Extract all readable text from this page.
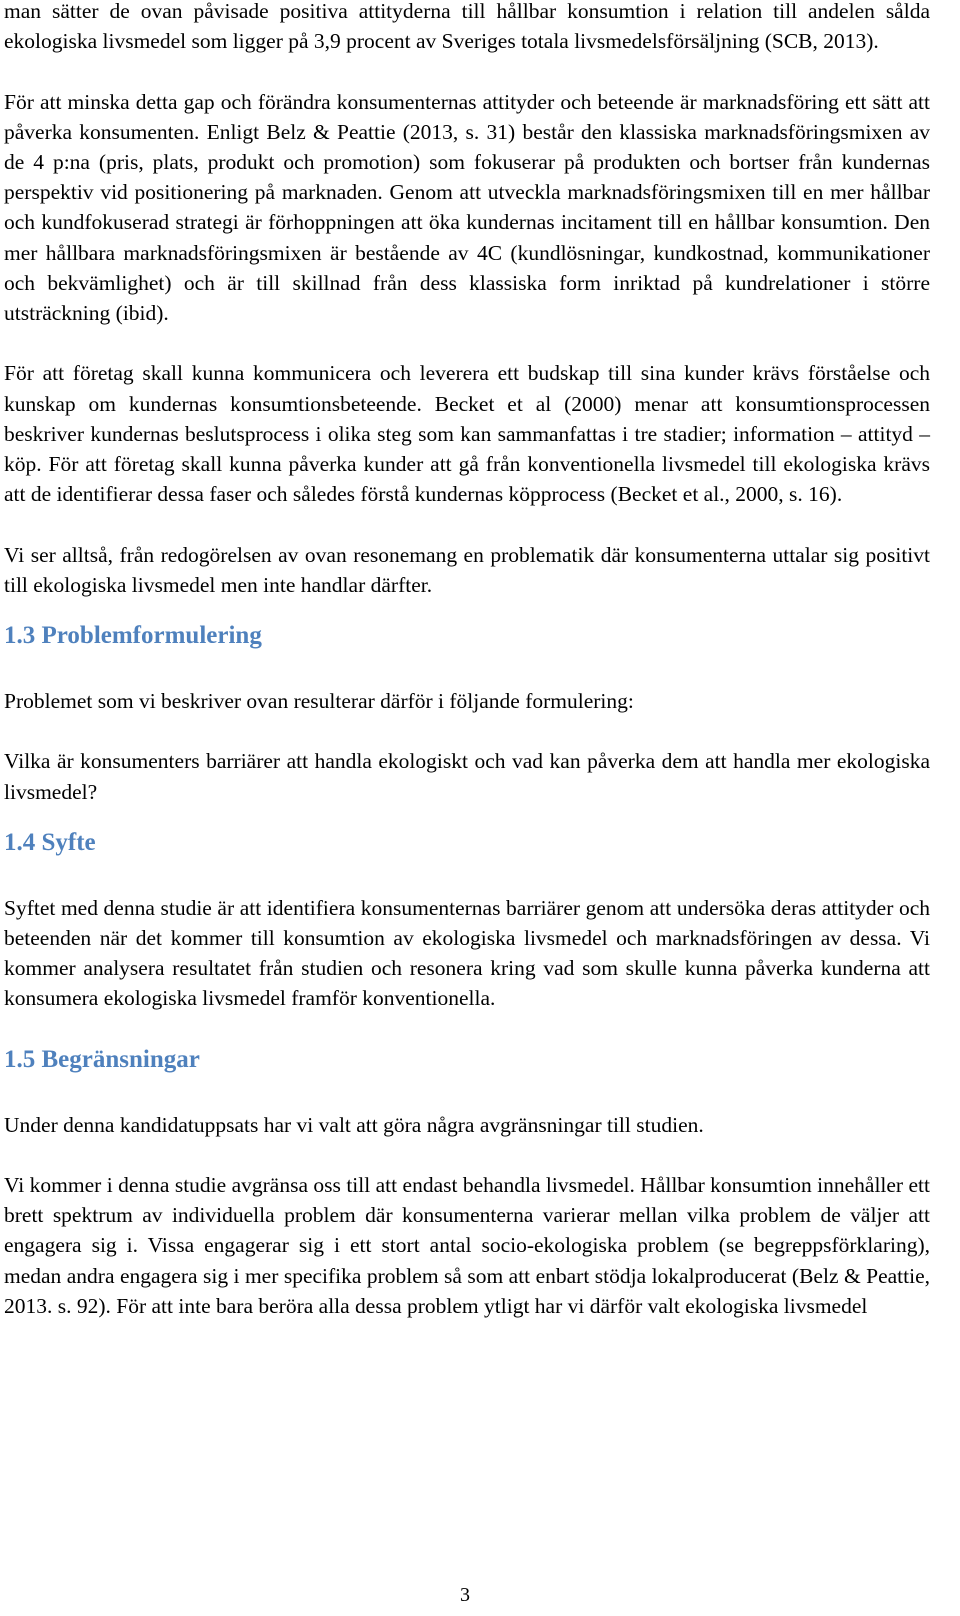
man sätter de ovan påvisade positiva attityderna till hållbar konsumtion i relation till andelen sålda ekologiska livsmedel som ligger på 3,9 procent av Sveriges totala livsmedelsförsäljning (SCB, 2013).

För att minska detta gap och förändra konsumenternas attityder och beteende är marknadsföring ett sätt att påverka konsumenten. Enligt Belz & Peattie (2013, s. 31) består den klassiska marknadsföringsmixen av de 4 p:na (pris, plats, produkt och promotion) som fokuserar på produkten och bortser från kundernas perspektiv vid positionering på marknaden. Genom att utveckla marknadsföringsmixen till en mer hållbar och kundfokuserad strategi är förhoppningen att öka kundernas incitament till en hållbar konsumtion. Den mer hållbara marknadsföringsmixen är bestående av 4C (kundlösningar, kundkostnad, kommunikationer och bekvämlighet) och är till skillnad från dess klassiska form inriktad på kundrelationer i större utsträckning (ibid).

För att företag skall kunna kommunicera och leverera ett budskap till sina kunder krävs förståelse och kunskap om kundernas konsumtionsbeteende. Becket et al (2000) menar att konsumtionsprocessen beskriver kundernas beslutsprocess i olika steg som kan sammanfattas i tre stadier; information – attityd – köp. För att företag skall kunna påverka kunder att gå från konventionella livsmedel till ekologiska krävs att de identifierar dessa faser och således förstå kundernas köpprocess (Becket et al., 2000, s. 16).

Vi ser alltså, från redogörelsen av ovan resonemang en problematik där konsumenterna uttalar sig positivt till ekologiska livsmedel men inte handlar därfter.

1.3 Problemformulering

Problemet som vi beskriver ovan resulterar därför i följande formulering:

Vilka är konsumenters barriärer att handla ekologiskt och vad kan påverka dem att handla mer ekologiska livsmedel?

1.4 Syfte

Syftet med denna studie är att identifiera konsumenternas barriärer genom att undersöka deras attityder och beteenden när det kommer till konsumtion av ekologiska livsmedel och marknadsföringen av dessa. Vi kommer analysera resultatet från studien och resonera kring vad som skulle kunna påverka kunderna att konsumera ekologiska livsmedel framför konventionella.

1.5 Begränsningar

Under denna kandidatuppsats har vi valt att göra några avgränsningar till studien.

Vi kommer i denna studie avgränsa oss till att endast behandla livsmedel. Hållbar konsumtion innehåller ett brett spektrum av individuella problem där konsumenterna varierar mellan vilka problem de väljer att engagera sig i. Vissa engagerar sig i ett stort antal socio-ekologiska problem (se begreppsförklaring), medan andra engagera sig i mer specifika problem så som att enbart stödja lokalproducerat (Belz & Peattie, 2013. s. 92). För att inte bara beröra alla dessa problem ytligt har vi därför valt ekologiska livsmedel

3
